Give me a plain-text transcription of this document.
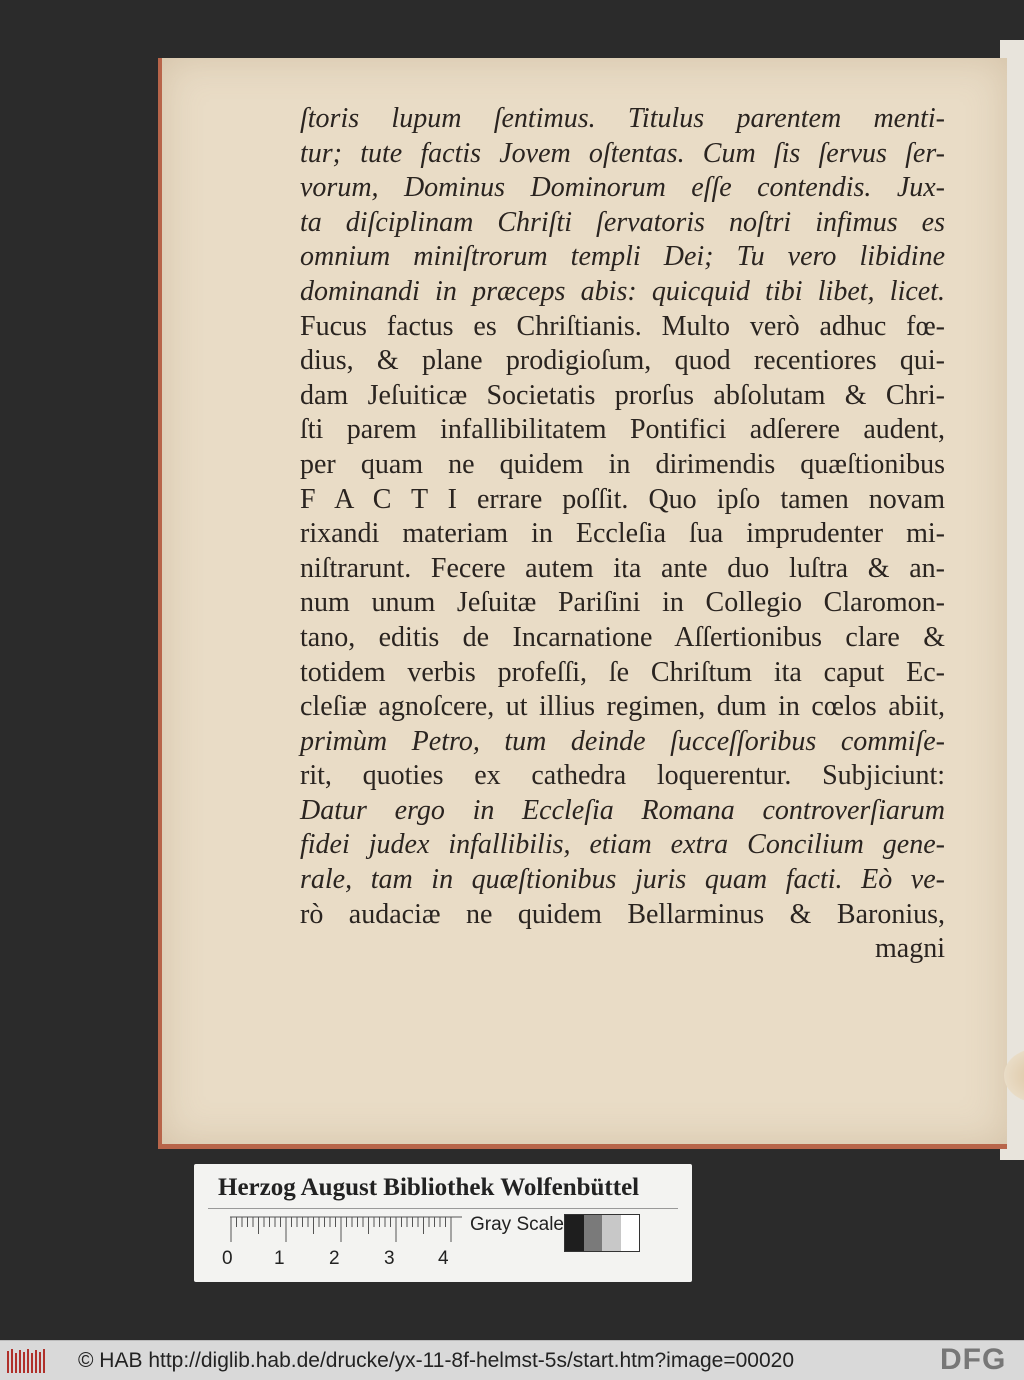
ſtoris lupum ſentimus. Titulus parentem menti-
tur; tute factis Jovem oſtentas. Cum ſis ſervus ſer-
vorum, Dominus Dominorum eſſe contendis. Jux-
ta diſciplinam Chriſti ſervatoris noſtri infimus es
omnium miniſtrorum templi Dei; Tu vero libidine
dominandi in præceps abis: quicquid tibi libet, licet.
Fucus factus es Chriſtianis. Multo verò adhuc fœ-
dius, & plane prodigioſum, quod recentiores qui-
dam Jeſuiticæ Societatis prorſus abſolutam & Chri-
ſti parem infallibilitatem Pontifici adſerere audent,
per quam ne quidem in dirimendis quæſtionibus
F A C T I errare poſſit. Quo ipſo tamen novam
rixandi materiam in Eccleſia ſua imprudenter mi-
niſtrarunt. Fecere autem ita ante duo luſtra & an-
num unum Jeſuitæ Pariſini in Collegio Claromon-
tano, editis de Incarnatione Aſſertionibus clare &
totidem verbis profeſſi, ſe Chriſtum ita caput Ec-
cleſiæ agnoſcere, ut illius regimen, dum in cœlos abiit,
primùm Petro, tum deinde ſucceſſoribus commiſe-
rit, quoties ex cathedra loquerentur. Subjiciunt:
Datur ergo in Eccleſia Romana controverſiarum
fidei judex infallibilis, etiam extra Concilium gene-
rale, tam in quæſtionibus juris quam facti. Eò ve-
rò audaciæ ne quidem Bellarminus & Baronius,
magni
Herzog August Bibliothek Wolfenbüttel
0 1 2 3 4
Gray Scale
© HAB http://diglib.hab.de/drucke/yx-11-8f-helmst-5s/start.htm?image=00020	DFG
